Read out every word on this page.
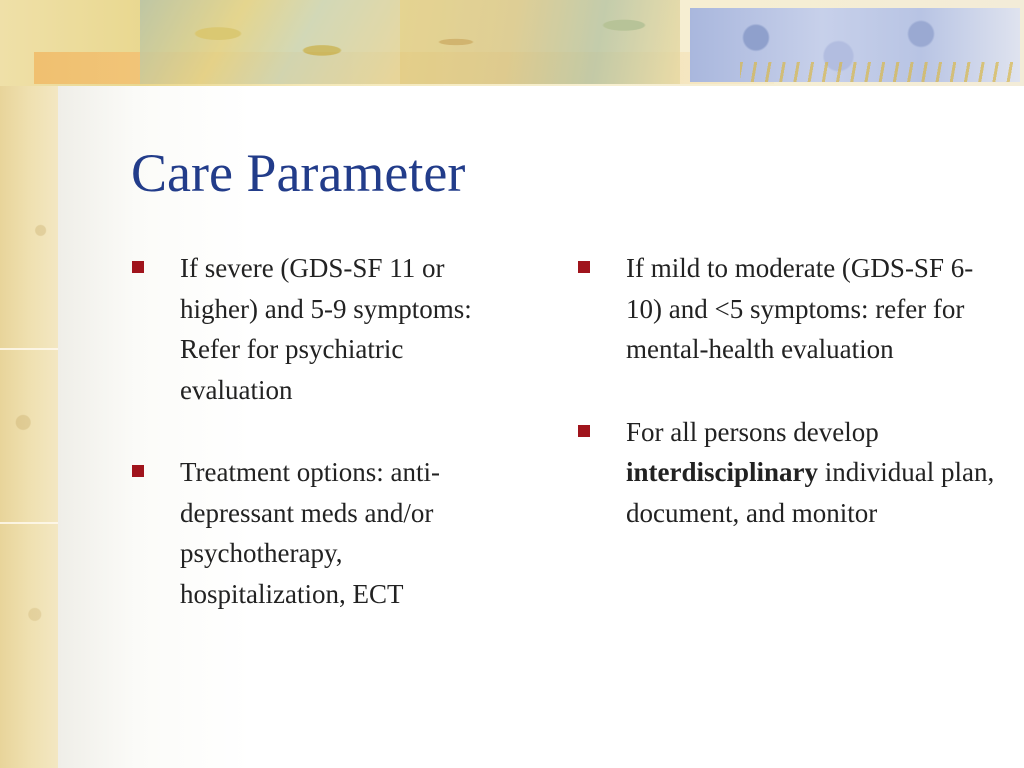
Care Parameter
If severe (GDS-SF 11 or higher) and 5-9 symptoms: Refer for psychiatric evaluation
Treatment options: anti-depressant meds and/or psychotherapy, hospitalization, ECT
If mild to moderate (GDS-SF 6-10) and <5 symptoms: refer for mental-health evaluation
For all persons develop interdisciplinary individual plan, document, and monitor
